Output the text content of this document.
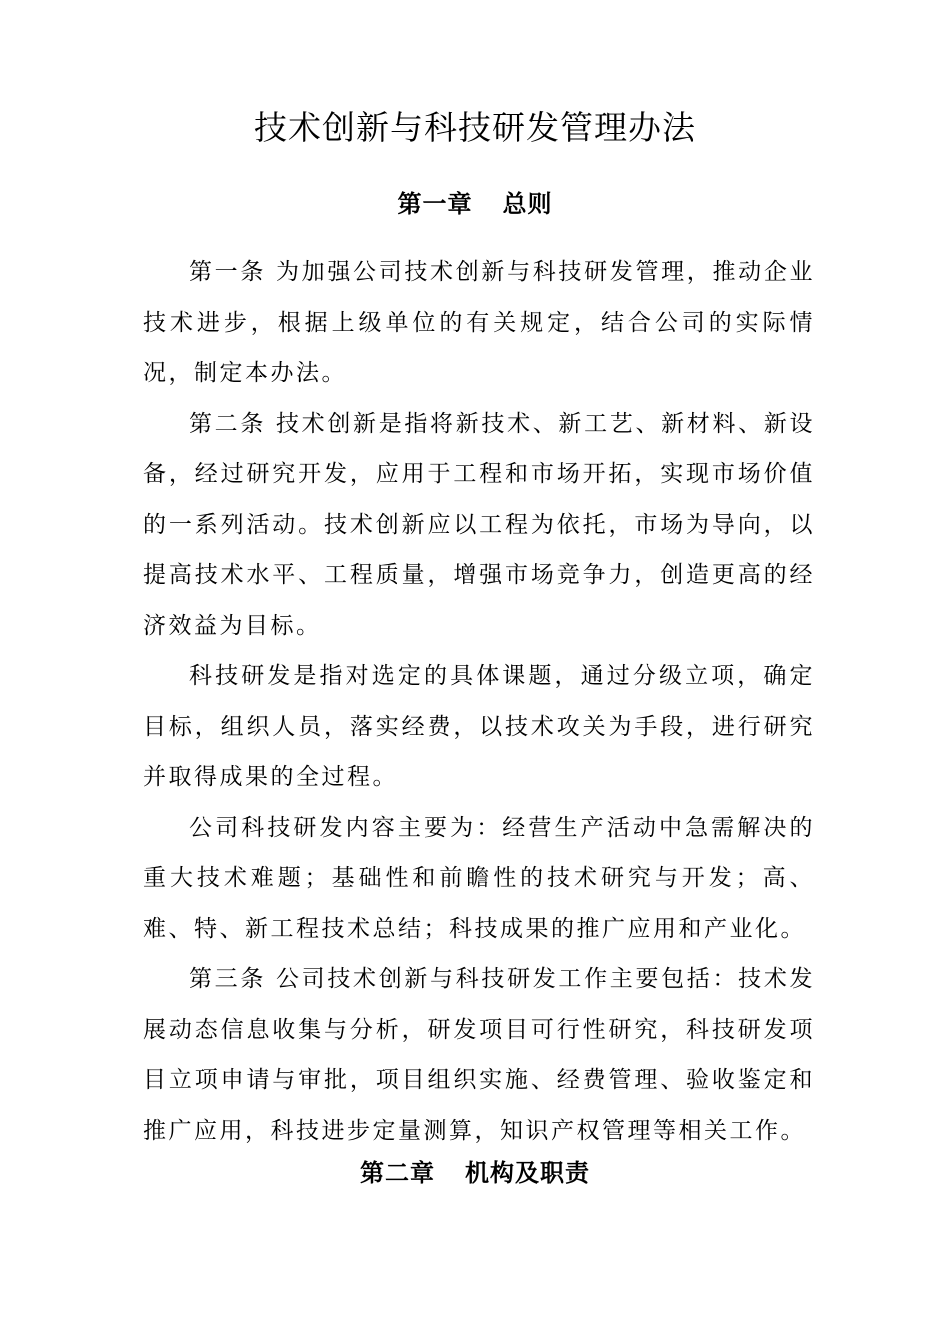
技术创新与科技研发管理办法
第一章 总则

第一条 为加强公司技术创新与科技研发管理，推动企业技术进步，根据上级单位的有关规定，结合公司的实际情况，制定本办法。

第二条 技术创新是指将新技术、新工艺、新材料、新设备，经过研究开发，应用于工程和市场开拓，实现市场价值的一系列活动。技术创新应以工程为依托，市场为导向，以提高技术水平、工程质量，增强市场竞争力，创造更高的经济效益为目标。

科技研发是指对选定的具体课题，通过分级立项，确定目标，组织人员，落实经费，以技术攻关为手段，进行研究并取得成果的全过程。

公司科技研发内容主要为：经营生产活动中急需解决的重大技术难题；基础性和前瞻性的技术研究与开发；高、难、特、新工程技术总结；科技成果的推广应用和产业化。

第三条 公司技术创新与科技研发工作主要包括：技术发展动态信息收集与分析，研发项目可行性研究，科技研发项目立项申请与审批，项目组织实施、经费管理、验收鉴定和推广应用，科技进步定量测算，知识产权管理等相关工作。

第二章 机构及职责
